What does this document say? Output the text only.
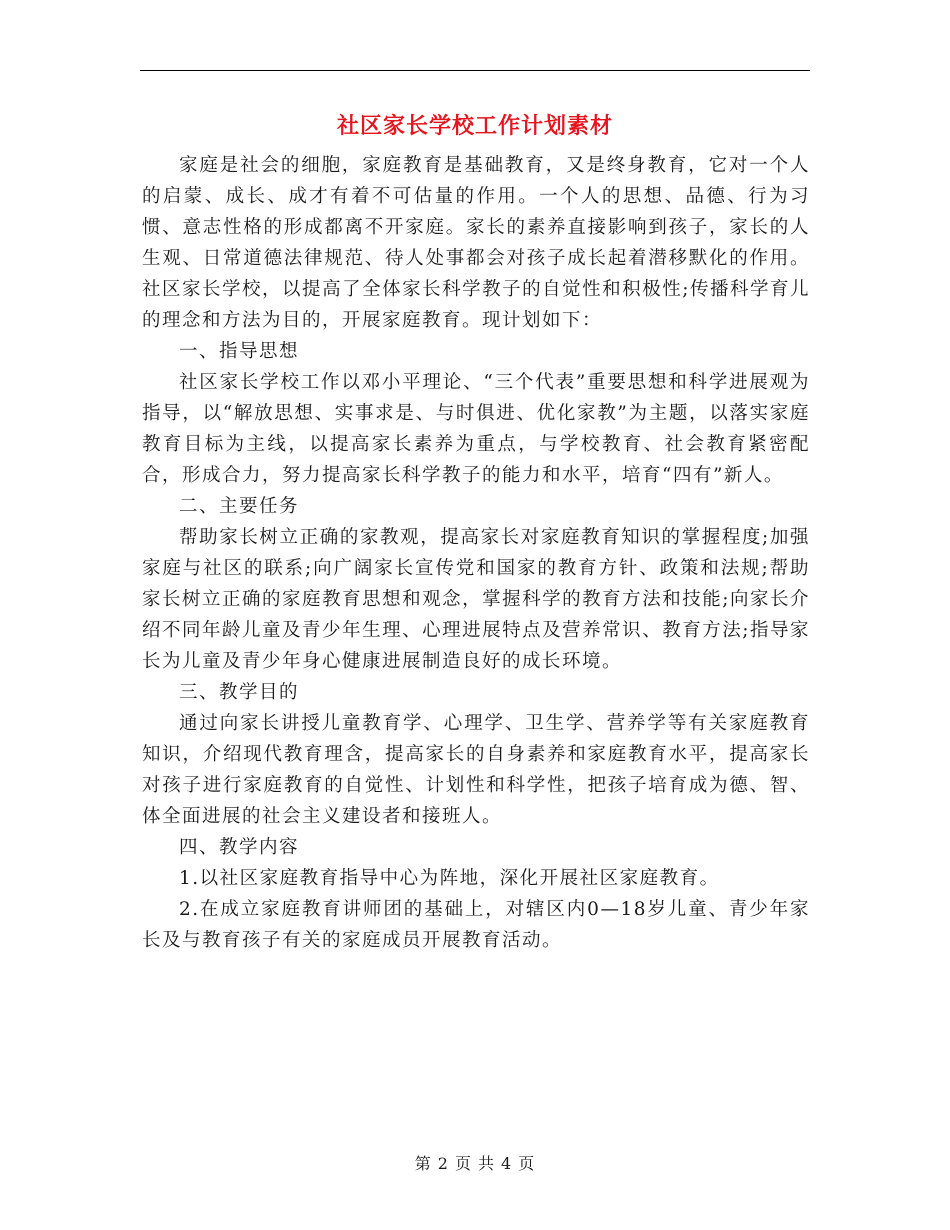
社区家长学校工作计划素材

家庭是社会的细胞，家庭教育是基础教育，又是终身教育，它对一个人的启蒙、成长、成才有着不可估量的作用。一个人的思想、品德、行为习惯、意志性格的形成都离不开家庭。家长的素养直接影响到孩子，家长的人生观、日常道德法律规范、待人处事都会对孩子成长起着潜移默化的作用。社区家长学校，以提高了全体家长科学教子的自觉性和积极性;传播科学育儿的理念和方法为目的，开展家庭教育。现计划如下：

一、指导思想

社区家长学校工作以邓小平理论、“三个代表”重要思想和科学进展观为指导，以“解放思想、实事求是、与时俱进、优化家教”为主题，以落实家庭教育目标为主线，以提高家长素养为重点，与学校教育、社会教育紧密配合，形成合力，努力提高家长科学教子的能力和水平，培育“四有”新人。

二、主要任务

帮助家长树立正确的家教观，提高家长对家庭教育知识的掌握程度;加强家庭与社区的联系;向广阔家长宣传党和国家的教育方针、政策和法规;帮助家长树立正确的家庭教育思想和观念，掌握科学的教育方法和技能;向家长介绍不同年龄儿童及青少年生理、心理进展特点及营养常识、教育方法;指导家长为儿童及青少年身心健康进展制造良好的成长环境。

三、教学目的

通过向家长讲授儿童教育学、心理学、卫生学、营养学等有关家庭教育知识，介绍现代教育理含，提高家长的自身素养和家庭教育水平，提高家长对孩子进行家庭教育的自觉性、计划性和科学性，把孩子培育成为德、智、体全面进展的社会主义建设者和接班人。

四、教学内容

1.以社区家庭教育指导中心为阵地，深化开展社区家庭教育。

2.在成立家庭教育讲师团的基础上，对辖区内0—18岁儿童、青少年家长及与教育孩子有关的家庭成员开展教育活动。

第 2 页 共 4 页
